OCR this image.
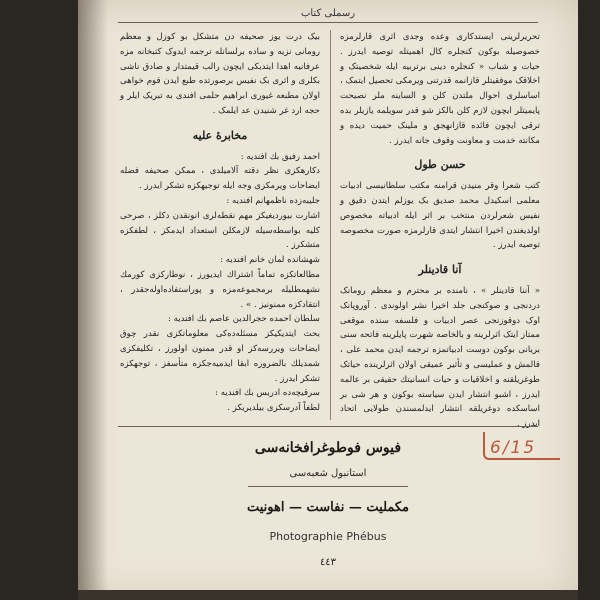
رسملی کتاب

تحریرلرینی ایستدکاری وعده وجدی اثری قارلرمزه خصوصیله بوکون کنجلره کال اهمیتله توصیه ایدرز . حیات و شباب « کنجلره دینی برتربیه ایله شخصیتک و اخلاقک موفقیتلر قازانمه قدرتنی ویرمکی تحصیل ایتمک ، اساسلری احوال ملتدن کلن و الساینه ملر نصیحت پایمیتلر ایچون لازم کلن بالکز شو قدر سویلمه یازیلر بده ترقی ایچون فائده قازانهجق و ملینک حمیت دیده و مکانته خدمت و معاونت وقوف جانه ایدرز .

حسن طول

کتب شعرا وقر منیدن قرامنه مکتب سلطانیسی ادبیات معلمی اسکیدل محمد صدیق بک یوزلم ایتدن دقیق و نفیس شعرلردن منتخب بر اثر ایله ادبیاته مخصوص اولدیغندن اخیرا انتشار ایتدی قارلرمزه صورت مخصوصه توصیه ایدرز .

آنا قادینلر

« آننا قادینلر » ، نامنده بر محترم و معظم رومانک دردنجی و صوکنجی جلد اخیرا نشر اولوندی . آوروپانک اوک دوقوزنجی عصر ادبیات و فلسفه سنده موقعی ممتاز ایتک اثرلرینه و بالخاصه شهرت پایلرینه فاتحه سنی بریانی بوکون دوست ادبیاتمزه ترجمه ایدن محمد علی ، قالمش و عملیسی و تأثیر عمیقی اولان اثرلرینده حیاتک طوغریلقنه و اخلاقیات و حیات انسانیتك حقیقی بر عالمه ایدرز ، اشبو انتشار ایدن سیاسته بوکون و هر شی بر اساسکده دوغریلقه انتشار ایدلمسندن طولایی اتحاد ایدرز .

بیک درت یوز صحیفه دن متشکل بو کوزل و معظم رومانی نزیه و ساده برلسانله ترجمه ایدوک کتبخانه مزه عرفانیه اهدا ایتدیکی ایچون رالب قیمتدار و صادق ناشی بکلری و اثری بک نفیس برصورتده طبع ایدن قوم خواهی اولان مطبعه غیوری ابراهیم حلمی افندی به تبریک ایلر و حجه ارد غر شنیدن عد ایلمک .

مخابرهٔ عليه

احمد رفیق بك افندیه :

دکارهکزی نظر دقته آلامیلدی ، ممکن صحیفه فضله ایضاحات ویرمکزی وجه ایله توجیهکزه تشکر ایدرز .

جلیبه‌زده ناظمهانم افندیه :

اشارت بیوردیغیکز مهم نقطه‌لری انونقدن دکلز ، صرحی کلیه بواسطه‌سیله لازمکلن استعداد ایدمکز ، لطفکزه متشکرز .

شهشانده لمان خانم افندیه :

مطالعاتکزه تماماً اشتراك ايديورز ، نوطارکزی کورمك نشهمطلیله برمجموعه‌مزه و پوراستفاده‌اوله‌جقدر ، انتقادکزه ممنونیز . » .

سلطان احمده حجرالدین عاصم بك افندیه :

بحث ایتدیکیکز مسئله‌ده‌کی معلوماتکزی نقدر چوق ایضاحات ویررسه‌کز او قدر ممنون اولورز ، تکلیفکزی شمدیلك بالضروره ابقا ایدمیه‌جکزه متأسفز ، توجهکزه تشکر ایدرز .

سرقیچه‌ده ادریس بك افندیه :

لطفاً آدرسکزی بیلدیریکز .

6/15
فیوس فوطوغرافخانه‌سی
استانبول شعبه‌سی
مکملیت — نفاست — اهونیت
Photographie Phébus
٤٤٣
